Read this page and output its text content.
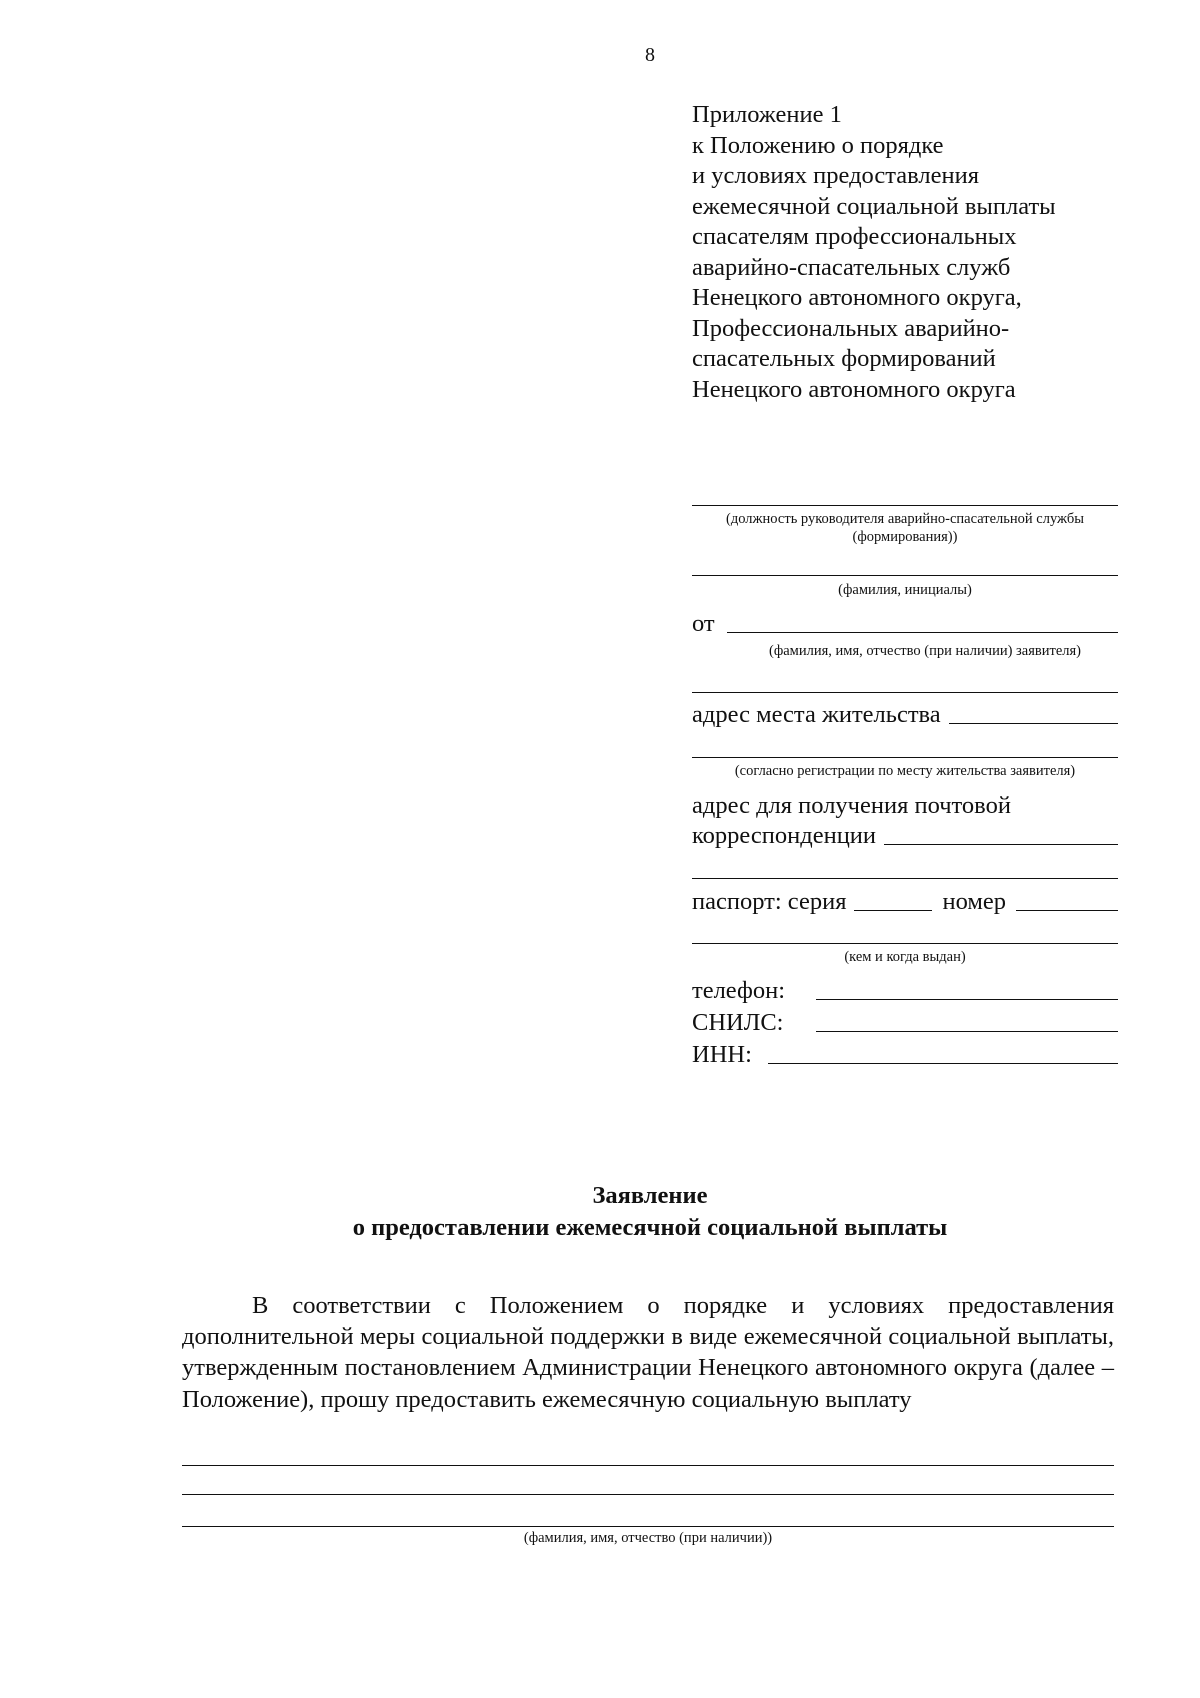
8
Приложение 1
к Положению о порядке
и условиях предоставления
ежемесячной социальной выплаты
спасателям профессиональных
аварийно-спасательных служб
Ненецкого автономного округа,
Профессиональных аварийно-
спасательных формирований
Ненецкого автономного округа
(должность руководителя аварийно-спасательной службы (формирования))
(фамилия, инициалы)
от
(фамилия, имя, отчество (при наличии) заявителя)
адрес места жительства
(согласно регистрации по месту жительства заявителя)
адрес для получения почтовой
корреспонденции
паспорт: серия	номер
(кем и когда выдан)
телефон:
СНИЛС:
ИНН:
Заявление
о предоставлении ежемесячной социальной выплаты
В соответствии с Положением о порядке и условиях предоставления дополнительной меры социальной поддержки в виде ежемесячной социальной выплаты, утвержденным постановлением Администрации Ненецкого автономного округа (далее – Положение), прошу предоставить ежемесячную социальную выплату
(фамилия, имя, отчество (при наличии))
